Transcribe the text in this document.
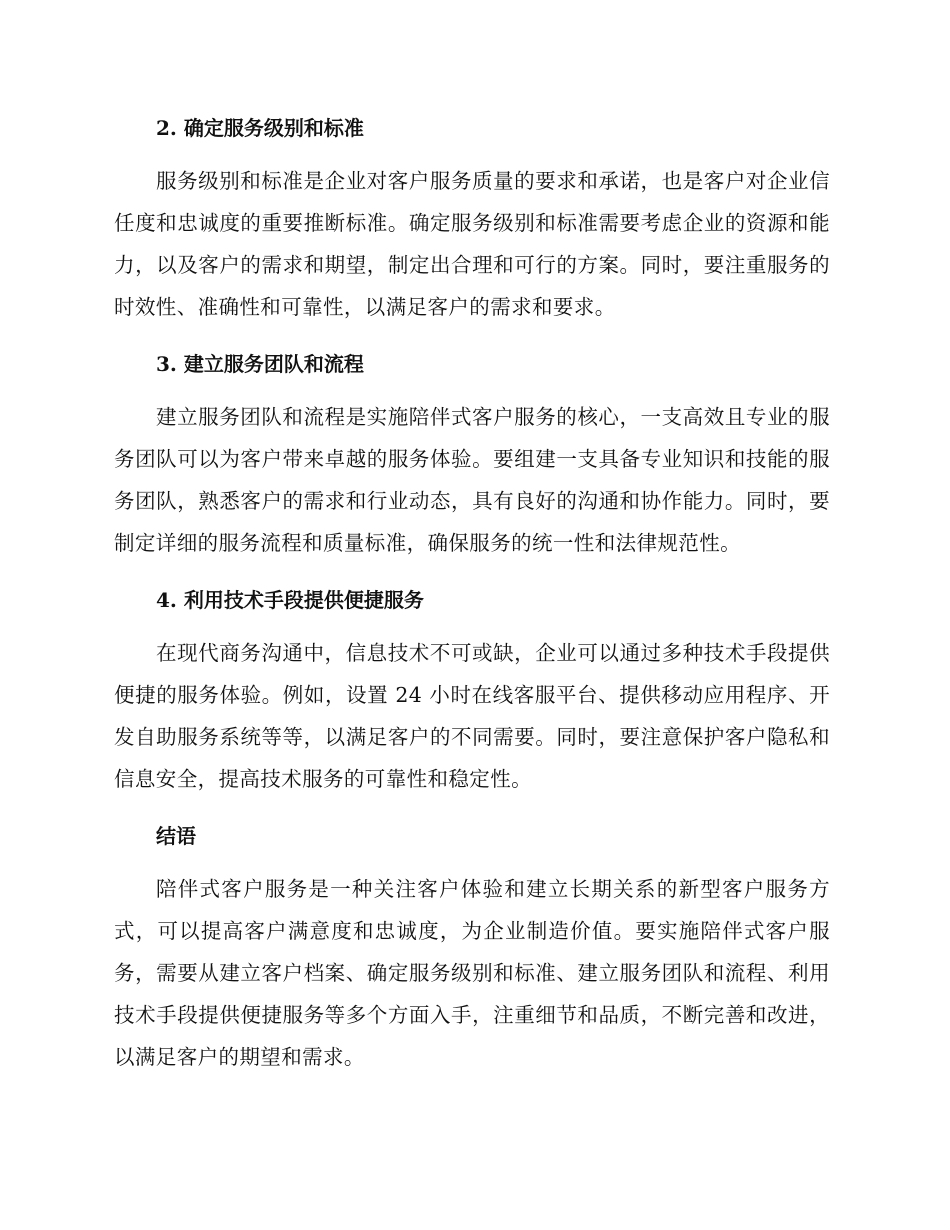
2. 确定服务级别和标准

服务级别和标准是企业对客户服务质量的要求和承诺，也是客户对企业信任度和忠诚度的重要推断标准。确定服务级别和标准需要考虑企业的资源和能力，以及客户的需求和期望，制定出合理和可行的方案。同时，要注重服务的时效性、准确性和可靠性，以满足客户的需求和要求。

3. 建立服务团队和流程

建立服务团队和流程是实施陪伴式客户服务的核心，一支高效且专业的服务团队可以为客户带来卓越的服务体验。要组建一支具备专业知识和技能的服务团队，熟悉客户的需求和行业动态，具有良好的沟通和协作能力。同时，要制定详细的服务流程和质量标准，确保服务的统一性和法律规范性。

4. 利用技术手段提供便捷服务

在现代商务沟通中，信息技术不可或缺，企业可以通过多种技术手段提供便捷的服务体验。例如，设置 24 小时在线客服平台、提供移动应用程序、开发自助服务系统等等，以满足客户的不同需要。同时，要注意保护客户隐私和信息安全，提高技术服务的可靠性和稳定性。

结语

陪伴式客户服务是一种关注客户体验和建立长期关系的新型客户服务方式，可以提高客户满意度和忠诚度，为企业制造价值。要实施陪伴式客户服务，需要从建立客户档案、确定服务级别和标准、建立服务团队和流程、利用技术手段提供便捷服务等多个方面入手，注重细节和品质，不断完善和改进，以满足客户的期望和需求。
